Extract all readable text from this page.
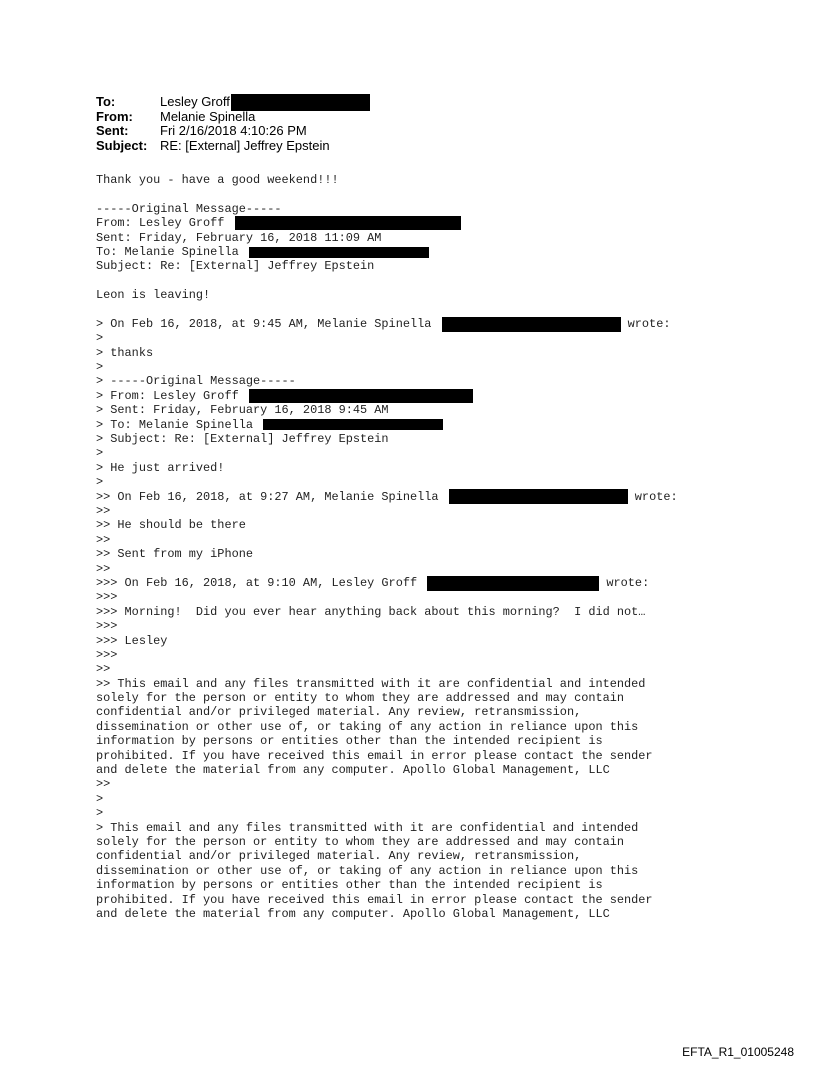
To:	Lesley Groff
From:	Melanie Spinella
Sent:	Fri 2/16/2018 4:10:26 PM
Subject: RE: [External] Jeffrey Epstein
Thank you - have a good weekend!!!
-----Original Message-----
From: Lesley Groff
Sent: Friday, February 16, 2018 11:09 AM
To: Melanie Spinella
Subject: Re: [External] Jeffrey Epstein
Leon is leaving!
> On Feb 16, 2018, at 9:45 AM, Melanie Spinella	wrote:
>
> thanks
>
> -----Original Message-----
> From: Lesley Groff
> Sent: Friday, February 16, 2018 9:45 AM
> To: Melanie Spinella
> Subject: Re: [External] Jeffrey Epstein
>
> He just arrived!
>
>> On Feb 16, 2018, at 9:27 AM, Melanie Spinella	wrote:
>>
>> He should be there
>>
>> Sent from my iPhone
>>
>>> On Feb 16, 2018, at 9:10 AM, Lesley Groff	wrote:
>>>
>>> Morning!  Did you ever hear anything back about this morning?  I did not…
>>>
>>> Lesley
>>>
>>
>> This email and any files transmitted with it are confidential and intended
solely for the person or entity to whom they are addressed and may contain
confidential and/or privileged material. Any review, retransmission,
dissemination or other use of, or taking of any action in reliance upon this
information by persons or entities other than the intended recipient is
prohibited. If you have received this email in error please contact the sender
and delete the material from any computer. Apollo Global Management, LLC
>>
>
>
> This email and any files transmitted with it are confidential and intended
solely for the person or entity to whom they are addressed and may contain
confidential and/or privileged material. Any review, retransmission,
dissemination or other use of, or taking of any action in reliance upon this
information by persons or entities other than the intended recipient is
prohibited. If you have received this email in error please contact the sender
and delete the material from any computer. Apollo Global Management, LLC
EFTA_R1_01005248
